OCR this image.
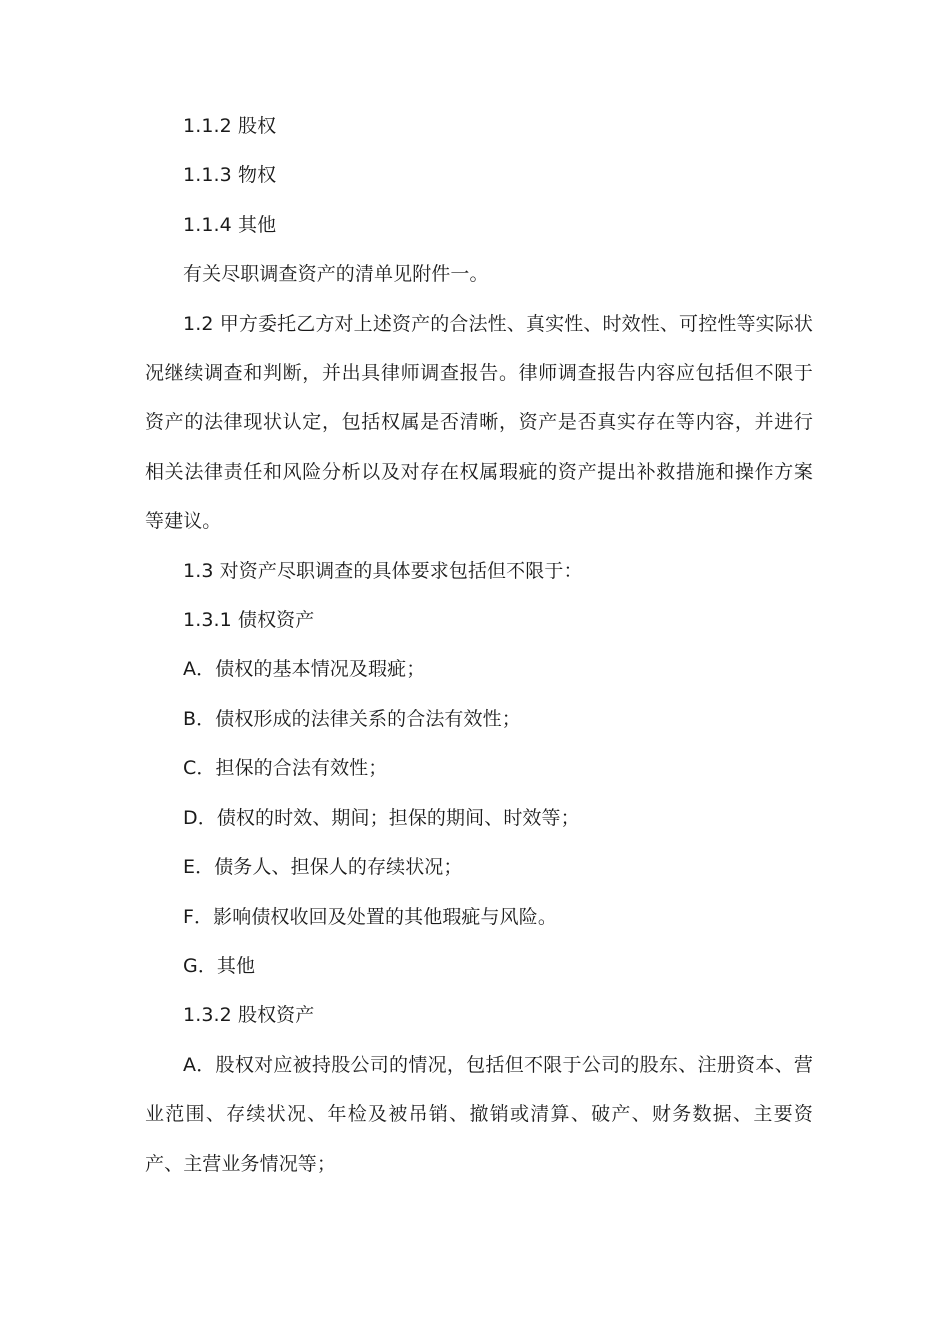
1.1.2 股权

1.1.3 物权

1.1.4 其他

有关尽职调查资产的清单见附件一。

1.2 甲方委托乙方对上述资产的合法性、真实性、时效性、可控性等实际状况继续调查和判断，并出具律师调查报告。律师调查报告内容应包括但不限于资产的法律现状认定，包括权属是否清晰，资产是否真实存在等内容，并进行相关法律责任和风险分析以及对存在权属瑕疵的资产提出补救措施和操作方案等建议。

1.3 对资产尽职调查的具体要求包括但不限于：

1.3.1 债权资产

A．债权的基本情况及瑕疵；

B．债权形成的法律关系的合法有效性；

C．担保的合法有效性；

D．债权的时效、期间；担保的期间、时效等；

E．债务人、担保人的存续状况；

F．影响债权收回及处置的其他瑕疵与风险。

G．其他

1.3.2 股权资产

A．股权对应被持股公司的情况，包括但不限于公司的股东、注册资本、营业范围、存续状况、年检及被吊销、撤销或清算、破产、财务数据、主要资产、主营业务情况等；
